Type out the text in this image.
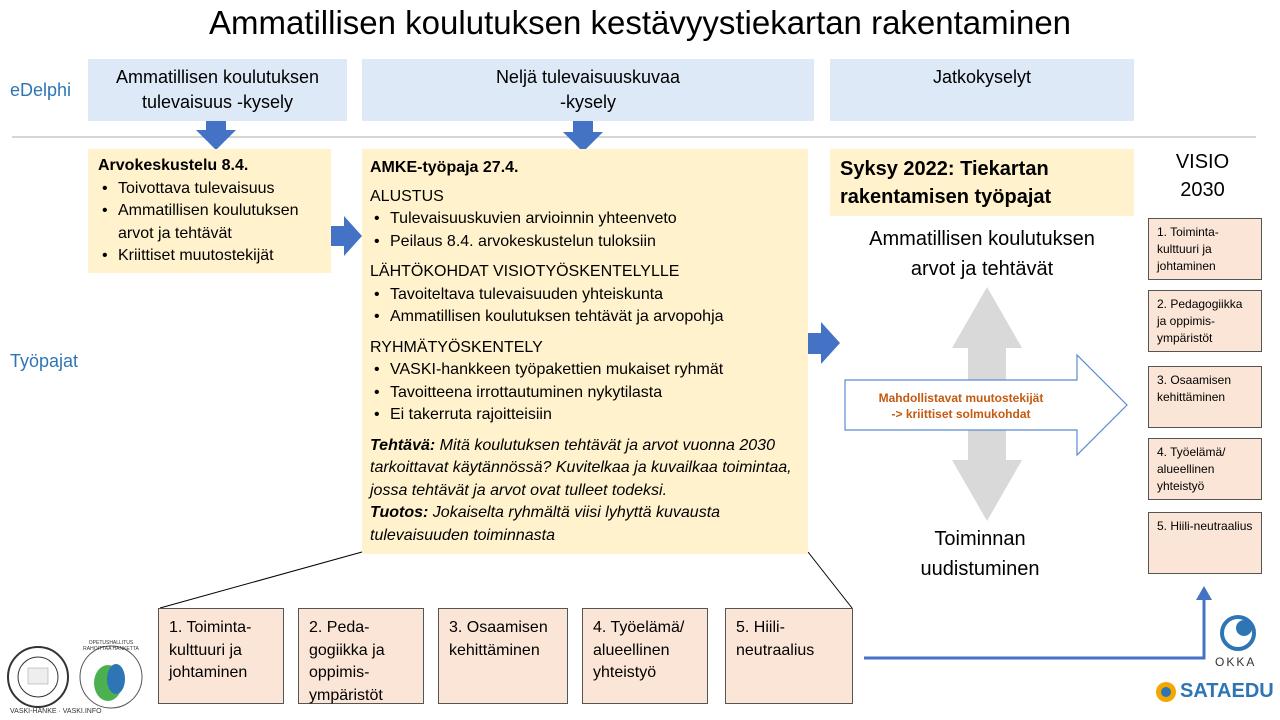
Ammatillisen koulutuksen kestävyystiekartan rakentaminen
eDelphi
Työpajat
Ammatillisen koulutuksen
tulevaisuus -kysely
Neljä tulevaisuuskuvaa
-kysely
Jatkokyselyt
Arvokeskustelu 8.4.
• Toivottava tulevaisuus
• Ammatillisen koulutuksen arvot ja tehtävät
• Kriittiset muutostekijät
AMKE-työpaja 27.4.
ALUSTUS
• Tulevaisuuskuvien arvioinnin yhteenveto
• Peilaus 8.4. arvokeskustelun tuloksiin
LÄHTÖKOHDAT VISIOTYÖSKENTELYLLE
• Tavoiteltava tulevaisuuden yhteiskunta
• Ammatillisen koulutuksen tehtävät ja arvopohja
RYHMÄTYÖSKENTELY
• VASKI-hankkeen työpakettien mukaiset ryhmät
• Tavoitteena irrottautuminen nykytilasta
• Ei takerruta rajoitteisiin
Tehtävä: Mitä koulutuksen tehtävät ja arvot vuonna 2030 tarkoittavat käytännössä? Kuvitelkaa ja kuvailkaa toimintaa, jossa tehtävät ja arvot ovat tulleet todeksi.
Tuotos: Jokaiselta ryhmältä viisi lyhyttä kuvausta tulevaisuuden toiminnasta
Syksy 2022: Tiekartan
rakentamisen työpajat
Ammatillisen koulutuksen
arvot ja tehtävät
Toiminnan
uudistuminen
Mahdollistavat muutostekijät
-> kriittiset solmukohdat
VISIO
2030
1. Toiminta-kulttuuri ja johtaminen
2. Pedagogiikka ja oppimis-ympäristöt
3. Osaamisen kehittäminen
4. Työelämä/ alueellinen yhteistyö
5. Hiili-neutraalius
1. Toiminta-kulttuuri ja johtaminen
2. Peda-gogiikka ja oppimis-ympäristöt
3. Osaamisen kehittäminen
4. Työelämä/ alueellinen yhteistyö
5. Hiili-neutraalius
OKKA
SATAEDU
VASKI-HANKE · VASKI.INFO
OPETUSHALLITUS RAHOITTAA HANKETTA
